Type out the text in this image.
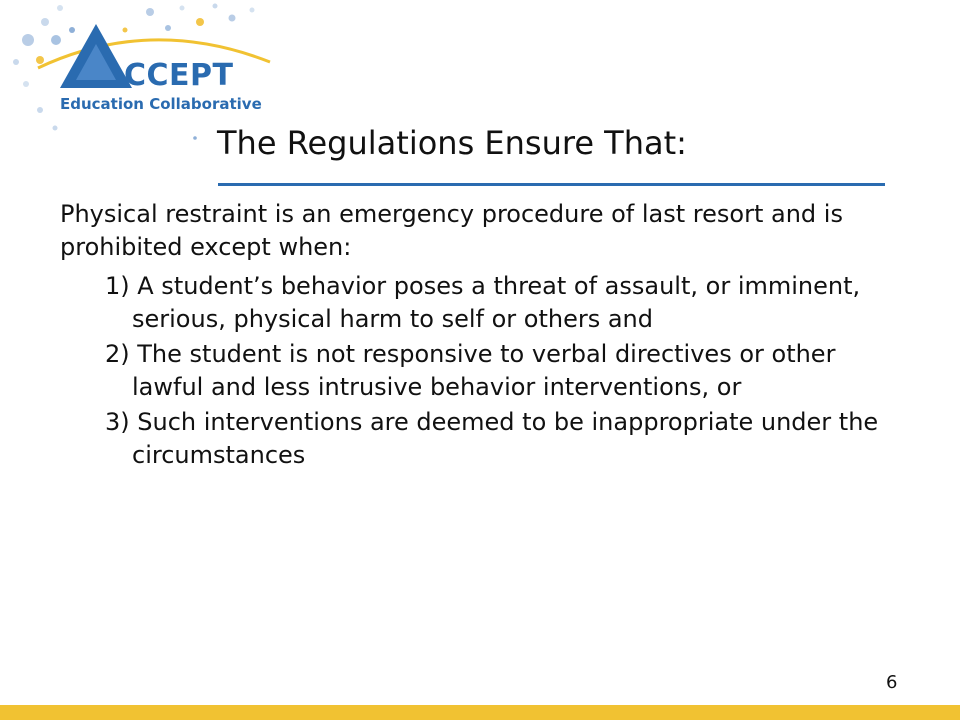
CCEPT
Education Collaborative
The Regulations Ensure That:

Physical restraint is an emergency procedure of last resort and is prohibited except when:

1) A student’s behavior poses a threat of assault, or imminent, serious, physical harm to self or others and
2) The student is not responsive to verbal directives or other lawful and less intrusive behavior interventions, or
3) Such interventions are deemed to be inappropriate under the circumstances
6
